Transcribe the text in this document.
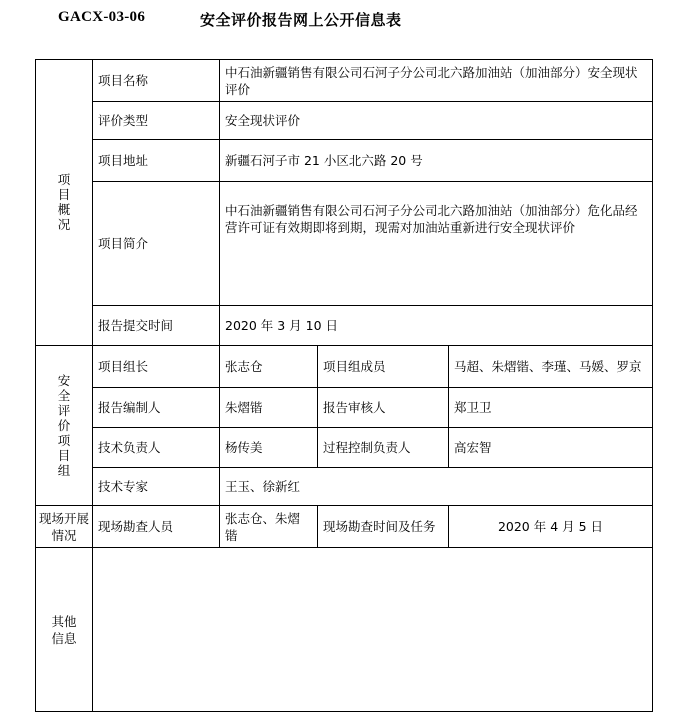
GACX-03-06	安全评价报告网上公开信息表
项目概况	项目名称	中石油新疆销售有限公司石河子分公司北六路加油站（加油部分）安全现状评价		
	评价类型	安全现状评价		
	项目地址	新疆石河子市 21 小区北六路 20 号		
	项目简介	中石油新疆销售有限公司石河子分公司北六路加油站（加油部分）危化品经营许可证有效期即将到期，现需对加油站重新进行安全现状评价		
	报告提交时间	2020 年 3 月 10 日		
安全评价项目组	项目组长	张志仓	项目组成员	马超、朱熠锴、李瑾、马媛、罗京
	报告编制人	朱熠锴	报告审核人	郑卫卫
	技术负责人	杨传美	过程控制负责人	高宏智
	技术专家	王玉、徐新红		
现场开展情况	现场勘查人员	张志仓、朱熠锴	现场勘查时间及任务	2020 年 4 月 5 日
其他信息				
